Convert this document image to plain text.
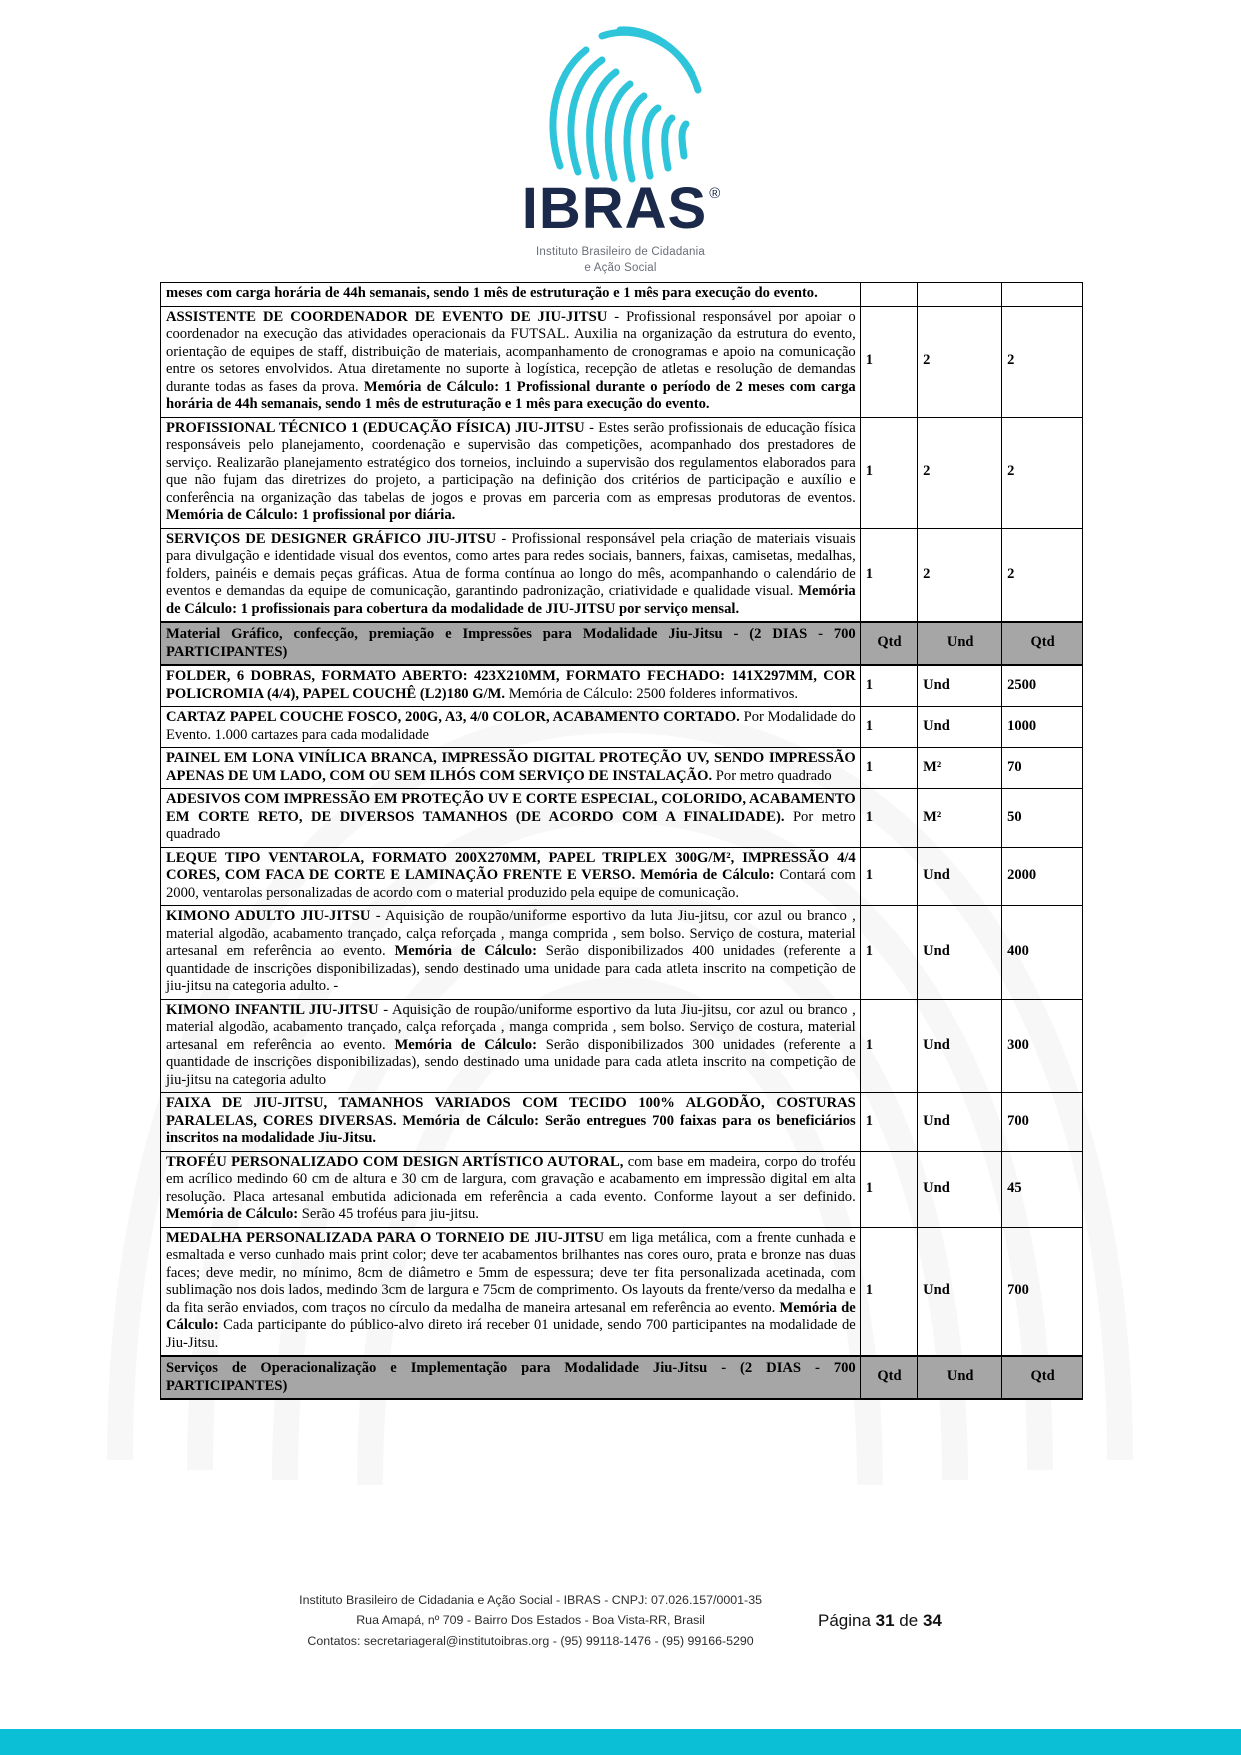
IBRAS ®
Instituto Brasileiro de Cidadania
e Ação Social
meses com carga horária de 44h semanais, sendo 1 mês de estruturação e 1 mês para execução do evento.			
ASSISTENTE DE COORDENADOR DE EVENTO DE JIU-JITSU - Profissional responsável por apoiar o coordenador na execução das atividades operacionais da FUTSAL. Auxilia na organização da estrutura do evento, orientação de equipes de staff, distribuição de materiais, acompanhamento de cronogramas e apoio na comunicação entre os setores envolvidos. Atua diretamente no suporte à logística, recepção de atletas e resolução de demandas durante todas as fases da prova. Memória de Cálculo: 1 Profissional durante o período de 2 meses com carga horária de 44h semanais, sendo 1 mês de estruturação e 1 mês para execução do evento.	1	2	2
PROFISSIONAL TÉCNICO 1 (EDUCAÇÃO FÍSICA) JIU-JITSU - Estes serão profissionais de educação física responsáveis pelo planejamento, coordenação e supervisão das competições, acompanhado dos prestadores de serviço. Realizarão planejamento estratégico dos torneios, incluindo a supervisão dos regulamentos elaborados para que não fujam das diretrizes do projeto, a participação na definição dos critérios de participação e auxílio e conferência na organização das tabelas de jogos e provas em parceria com as empresas produtoras de eventos. Memória de Cálculo: 1 profissional por diária.	1	2	2
SERVIÇOS DE DESIGNER GRÁFICO JIU-JITSU - Profissional responsável pela criação de materiais visuais para divulgação e identidade visual dos eventos, como artes para redes sociais, banners, faixas, camisetas, medalhas, folders, painéis e demais peças gráficas. Atua de forma contínua ao longo do mês, acompanhando o calendário de eventos e demandas da equipe de comunicação, garantindo padronização, criatividade e qualidade visual. Memória de Cálculo: 1 profissionais para cobertura da modalidade de JIU-JITSU por serviço mensal.	1	2	2
Material Gráfico, confecção, premiação e Impressões para Modalidade Jiu-Jitsu - (2 DIAS - 700 PARTICIPANTES)	Qtd	Und	Qtd
FOLDER, 6 DOBRAS, FORMATO ABERTO: 423X210MM, FORMATO FECHADO: 141X297MM, COR POLICROMIA (4/4), PAPEL COUCHÊ (L2)180 G/M. Memória de Cálculo: 2500 folderes informativos.	1	Und	2500
CARTAZ PAPEL COUCHE FOSCO, 200G, A3, 4/0 COLOR, ACABAMENTO CORTADO. Por Modalidade do Evento. 1.000 cartazes para cada modalidade	1	Und	1000
PAINEL EM LONA VINÍLICA BRANCA, IMPRESSÃO DIGITAL PROTEÇÃO UV, SENDO IMPRESSÃO APENAS DE UM LADO, COM OU SEM ILHÓS COM SERVIÇO DE INSTALAÇÃO. Por metro quadrado	1	M²	70
ADESIVOS COM IMPRESSÃO EM PROTEÇÃO UV E CORTE ESPECIAL, COLORIDO, ACABAMENTO EM CORTE RETO, DE DIVERSOS TAMANHOS (DE ACORDO COM A FINALIDADE). Por metro quadrado	1	M²	50
LEQUE TIPO VENTAROLA, FORMATO 200X270MM, PAPEL TRIPLEX 300G/M², IMPRESSÃO 4/4 CORES, COM FACA DE CORTE E LAMINAÇÃO FRENTE E VERSO. Memória de Cálculo: Contará com 2000, ventarolas personalizadas de acordo com o material produzido pela equipe de comunicação.	1	Und	2000
KIMONO ADULTO JIU-JITSU - Aquisição de roupão/uniforme esportivo da luta Jiu-jitsu, cor azul ou branco , material algodão, acabamento trançado, calça reforçada , manga comprida , sem bolso. Serviço de costura, material artesanal em referência ao evento. Memória de Cálculo: Serão disponibilizados 400 unidades (referente a quantidade de inscrições disponibilizadas), sendo destinado uma unidade para cada atleta inscrito na competição de jiu-jitsu na categoria adulto. -	1	Und	400
KIMONO INFANTIL JIU-JITSU - Aquisição de roupão/uniforme esportivo da luta Jiu-jitsu, cor azul ou branco , material algodão, acabamento trançado, calça reforçada , manga comprida , sem bolso. Serviço de costura, material artesanal em referência ao evento. Memória de Cálculo: Serão disponibilizados 300 unidades (referente a quantidade de inscrições disponibilizadas), sendo destinado uma unidade para cada atleta inscrito na competição de jiu-jitsu na categoria adulto	1	Und	300
FAIXA DE JIU-JITSU, TAMANHOS VARIADOS COM TECIDO 100% ALGODÃO, COSTURAS PARALELAS, CORES DIVERSAS. Memória de Cálculo: Serão entregues 700 faixas para os beneficiários inscritos na modalidade Jiu-Jitsu.	1	Und	700
TROFÉU PERSONALIZADO COM DESIGN ARTÍSTICO AUTORAL, com base em madeira, corpo do troféu em acrílico medindo 60 cm de altura e 30 cm de largura, com gravação e acabamento em impressão digital em alta resolução. Placa artesanal embutida adicionada em referência a cada evento. Conforme layout a ser definido. Memória de Cálculo: Serão 45 troféus para jiu-jitsu.	1	Und	45
MEDALHA PERSONALIZADA PARA O TORNEIO DE JIU-JITSU em liga metálica, com a frente cunhada e esmaltada e verso cunhado mais print color; deve ter acabamentos brilhantes nas cores ouro, prata e bronze nas duas faces; deve medir, no mínimo, 8cm de diâmetro e 5mm de espessura; deve ter fita personalizada acetinada, com sublimação nos dois lados, medindo 3cm de largura e 75cm de comprimento. Os layouts da frente/verso da medalha e da fita serão enviados, com traços no círculo da medalha de maneira artesanal em referência ao evento. Memória de Cálculo: Cada participante do público-alvo direto irá receber 01 unidade, sendo 700 participantes na modalidade de Jiu-Jitsu.	1	Und	700
Serviços de Operacionalização e Implementação para Modalidade Jiu-Jitsu - (2 DIAS - 700 PARTICIPANTES)	Qtd	Und	Qtd
Instituto Brasileiro de Cidadania e Ação Social - IBRAS - CNPJ: 07.026.157/0001-35
Rua Amapá, nº 709 - Bairro Dos Estados - Boa Vista-RR, Brasil
Contatos: secretariageral@institutoibras.org - (95) 99118-1476 - (95) 99166-5290
Página 31 de 34
